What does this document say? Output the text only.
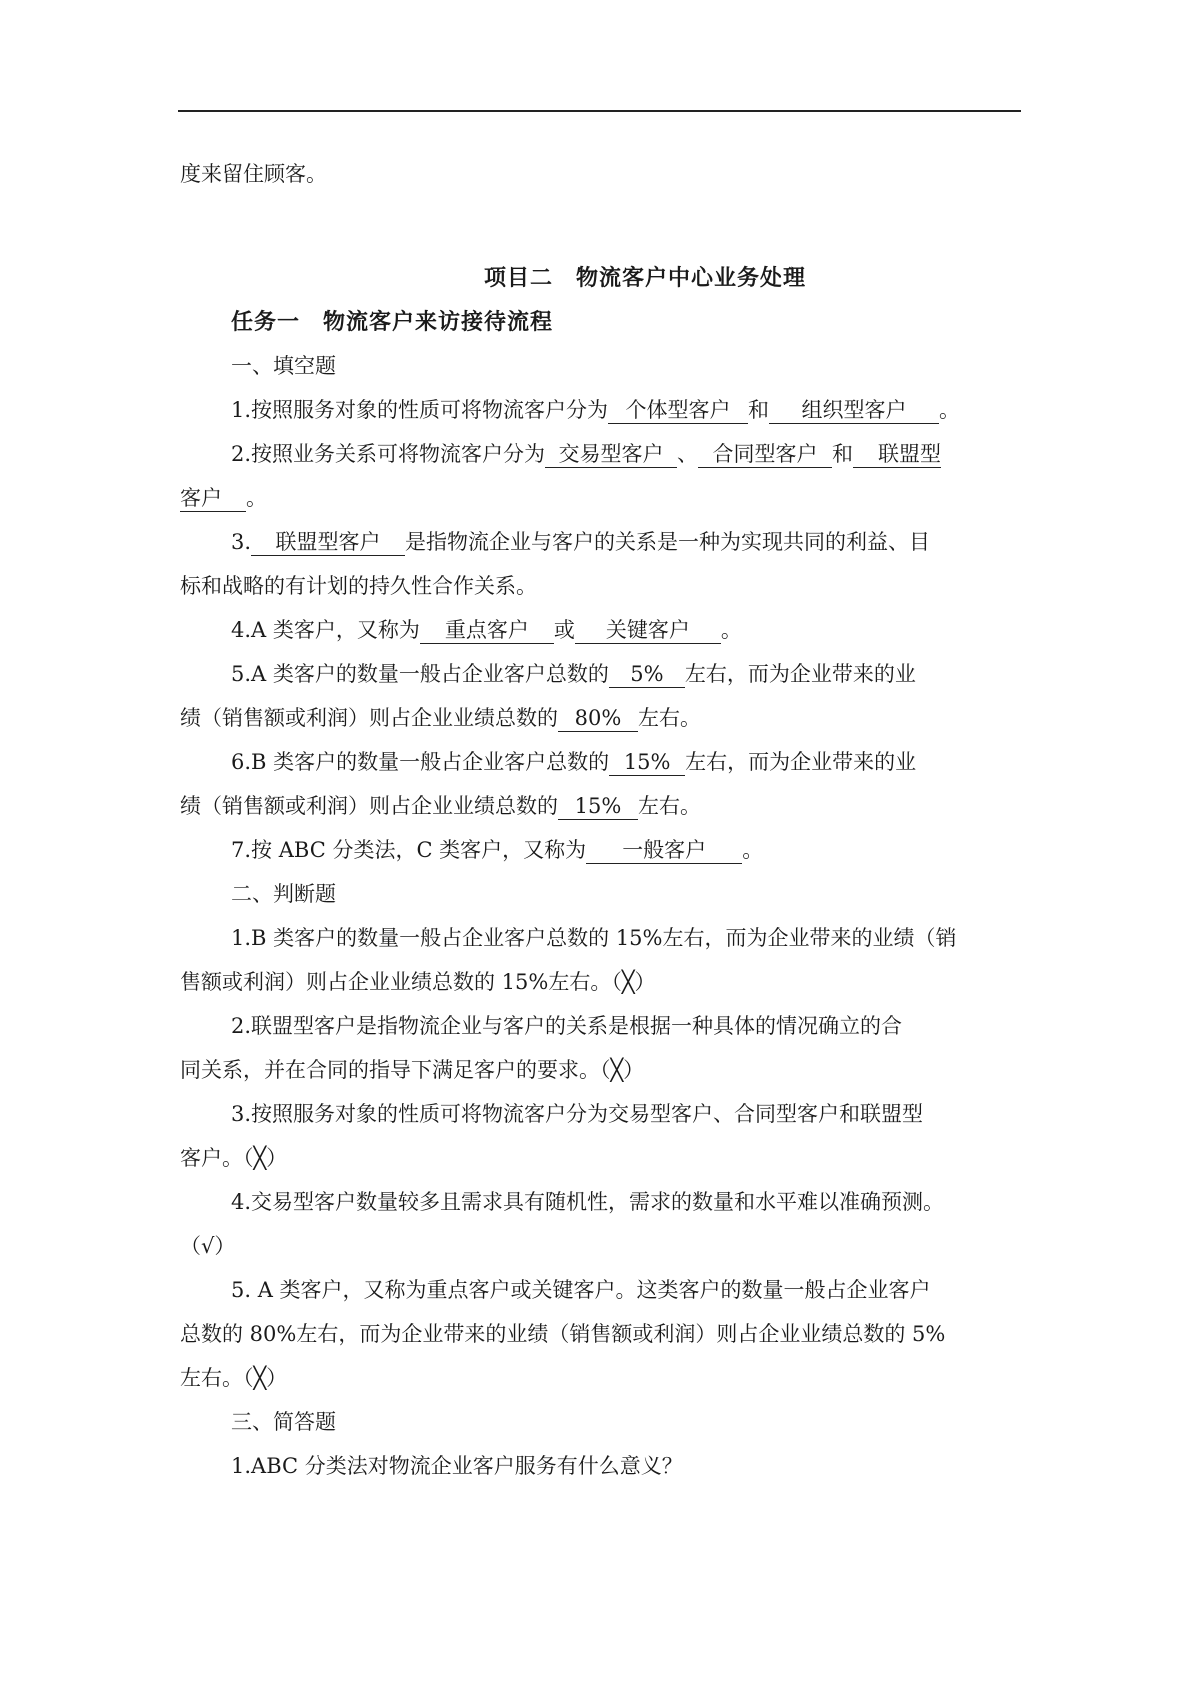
度来留住顾客。

项目二　物流客户中心业务处理

任务一　物流客户来访接待流程

一、填空题

1.按照服务对象的性质可将物流客户分为 个体型客户 和 组织型客户 。

2.按照业务关系可将物流客户分为 交易型客户 、 合同型客户 和 联盟型

客户 。

3. 联盟型客户 是指物流企业与客户的关系是一种为实现共同的利益、目

标和战略的有计划的持久性合作关系。

4.A 类客户，又称为 重点客户 或 关键客户 。

5.A 类客户的数量一般占企业客户总数的 5% 左右，而为企业带来的业

绩（销售额或利润）则占企业业绩总数的 80% 左右。

6.B 类客户的数量一般占企业客户总数的 15% 左右，而为企业带来的业

绩（销售额或利润）则占企业业绩总数的 15% 左右。

7.按 ABC 分类法，C 类客户，又称为 一般客户 。

二、判断题

1.B 类客户的数量一般占企业客户总数的 15%左右，而为企业带来的业绩（销

售额或利润）则占企业业绩总数的 15%左右。（╳）

2.联盟型客户是指物流企业与客户的关系是根据一种具体的情况确立的合

同关系，并在合同的指导下满足客户的要求。（╳）

3.按照服务对象的性质可将物流客户分为交易型客户、合同型客户和联盟型

客户。（╳）

4.交易型客户数量较多且需求具有随机性，需求的数量和水平难以准确预测。

（√）

5. A 类客户，又称为重点客户或关键客户。这类客户的数量一般占企业客户

总数的 80%左右，而为企业带来的业绩（销售额或利润）则占企业业绩总数的 5%

左右。（╳）

三、简答题

1.ABC 分类法对物流企业客户服务有什么意义？
